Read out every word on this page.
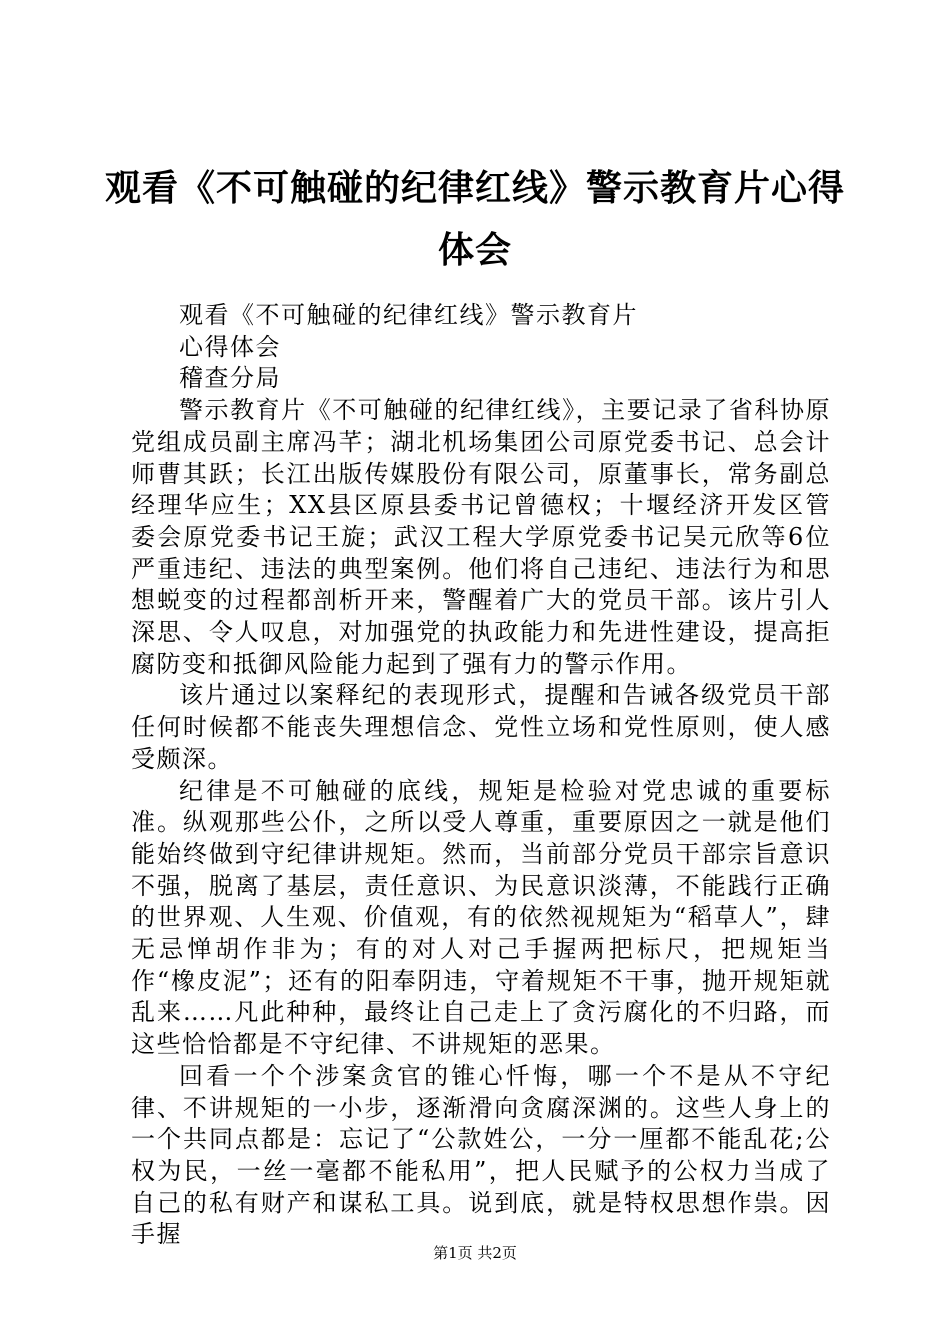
观看《不可触碰的纪律红线》警示教育片心得体会

观看《不可触碰的纪律红线》警示教育片

心得体会

稽查分局

警示教育片《不可触碰的纪律红线》，主要记录了省科协原党组成员副主席冯芊；湖北机场集团公司原党委书记、总会计师曹其跃；长江出版传媒股份有限公司，原董事长，常务副总经理华应生；XX县区原县委书记曾德权；十堰经济开发区管委会原党委书记王旋；武汉工程大学原党委书记吴元欣等6位严重违纪、违法的典型案例。他们将自己违纪、违法行为和思想蜕变的过程都剖析开来，警醒着广大的党员干部。该片引人深思、令人叹息，对加强党的执政能力和先进性建设，提高拒腐防变和抵御风险能力起到了强有力的警示作用。

该片通过以案释纪的表现形式，提醒和告诫各级党员干部任何时候都不能丧失理想信念、党性立场和党性原则，使人感受颇深。

纪律是不可触碰的底线，规矩是检验对党忠诚的重要标准。纵观那些公仆，之所以受人尊重，重要原因之一就是他们能始终做到守纪律讲规矩。然而，当前部分党员干部宗旨意识不强，脱离了基层，责任意识、为民意识淡薄，不能践行正确的世界观、人生观、价值观，有的依然视规矩为“稻草人”，肆无忌惮胡作非为；有的对人对己手握两把标尺，把规矩当作“橡皮泥”；还有的阳奉阴违，守着规矩不干事，抛开规矩就乱来……凡此种种，最终让自己走上了贪污腐化的不归路，而这些恰恰都是不守纪律、不讲规矩的恶果。

回看一个个涉案贪官的锥心忏悔，哪一个不是从不守纪律、不讲规矩的一小步，逐渐滑向贪腐深渊的。这些人身上的一个共同点都是：忘记了“公款姓公，一分一厘都不能乱花;公权为民，一丝一毫都不能私用”，把人民赋予的公权力当成了自己的私有财产和谋私工具。说到底，就是特权思想作祟。因手握

第1页 共2页
